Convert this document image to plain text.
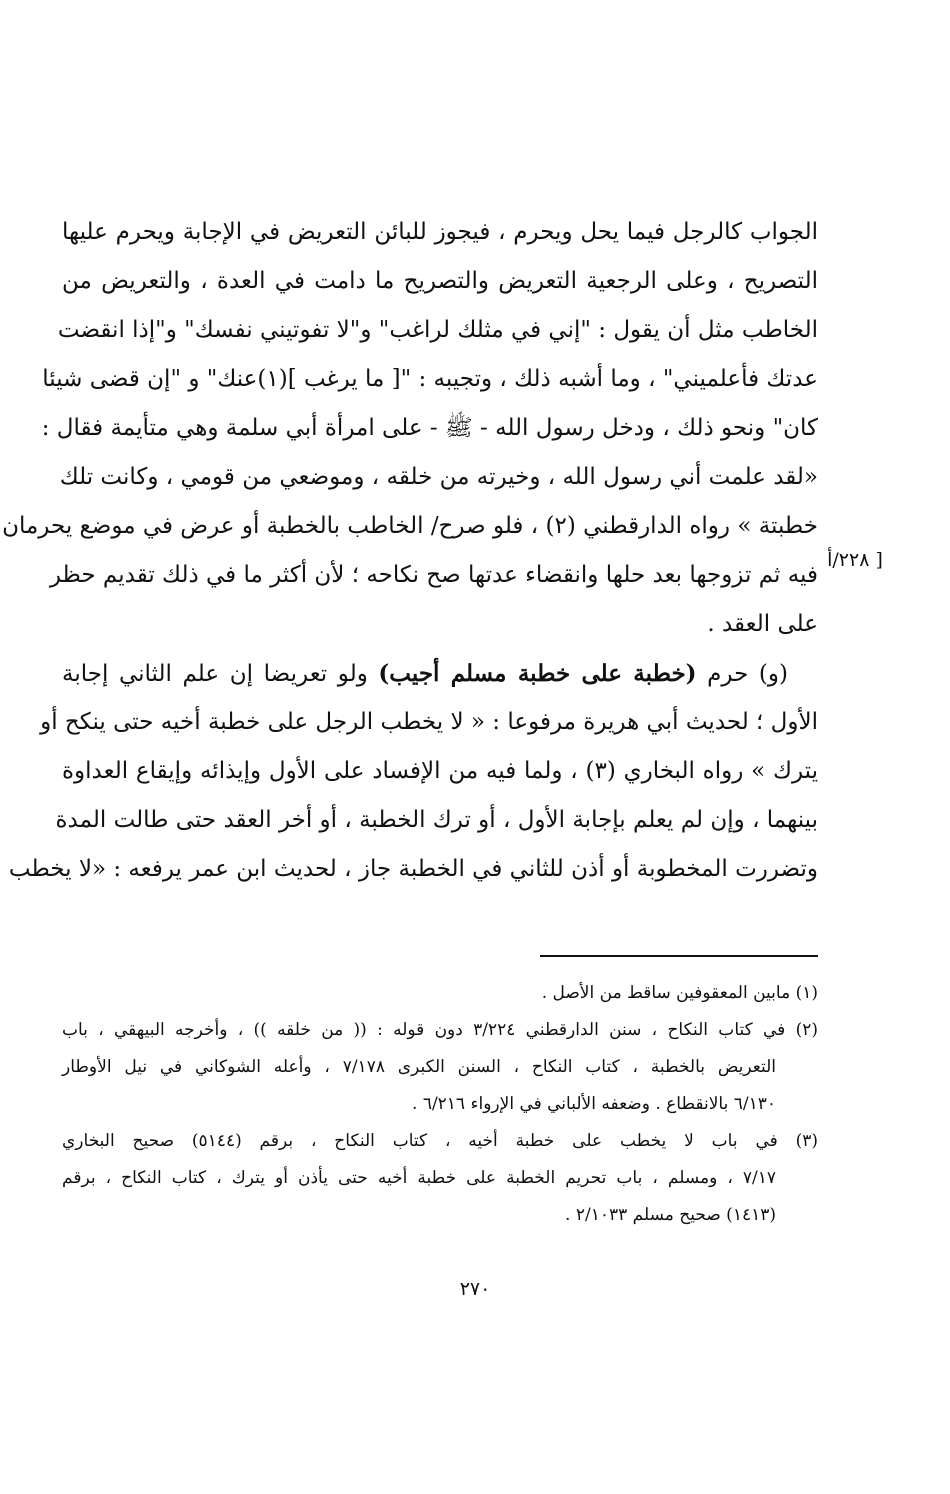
الجواب كالرجل فيما يحل ويحرم ، فيجوز للبائن التعريض في الإجابة ويحرم عليها
التصريح ، وعلى الرجعية التعريض والتصريح ما دامت في العدة ، والتعريض من
الخاطب مثل أن يقول : "إني في مثلك لراغب" و"لا تفوتيني نفسك" و"إذا انقضت
عدتك فأعلميني" ، وما أشبه ذلك ، وتجيبه : "[ ما يرغب ](١)عنك" و "إن قضى شيئا
كان" ونحو ذلك ، ودخل رسول الله - ﷺ - على امرأة أبي سلمة وهي متأيمة فقال :
«لقد علمت أني رسول الله ، وخيرته من خلقه ، وموضعي من قومي ، وكانت تلك
خطبتة » رواه الدارقطني (٢) ، فلو صرح/ الخاطب بالخطبة أو عرض في موضع يحرمان
فيه ثم تزوجها بعد حلها وانقضاء عدتها صح نكاحه ؛ لأن أكثر ما في ذلك تقديم حظر
على العقد .
(و) حرم (خطبة على خطبة مسلم أجيب) ولو تعريضا إن علم الثاني إجابة
الأول ؛ لحديث أبي هريرة مرفوعا : « لا يخطب الرجل على خطبة أخيه حتى ينكح أو
يترك » رواه البخاري (٣) ، ولما فيه من الإفساد على الأول وإيذائه وإيقاع العداوة
بينهما ، وإن لم يعلم بإجابة الأول ، أو ترك الخطبة ، أو أخر العقد حتى طالت المدة
وتضررت المخطوبة أو أذن للثاني في الخطبة جاز ، لحديث ابن عمر يرفعه : «لا يخطب
[ ٢٢٨/أ
(١) مابين المعقوفين ساقط من الأصل .
(٢) في كتاب النكاح ، سنن الدارقطني ٣/٢٢٤ دون قوله : (( من خلقه )) ، وأخرجه البيهقي ، باب
التعريض بالخطبة ، كتاب النكاح ، السنن الكبرى ٧/١٧٨ ، وأعله الشوكاني في نيل الأوطار
٦/١٣٠ بالانقطاع . وضعفه الألباني في الإرواء ٦/٢١٦ .
(٣) في باب لا يخطب على خطبة أخيه ، كتاب النكاح ، برقم (٥١٤٤) صحيح البخاري
٧/١٧ ، ومسلم ، باب تحريم الخطبة على خطبة أخيه حتى يأذن أو يترك ، كتاب النكاح ، برقم
(١٤١٣) صحيح مسلم ٢/١٠٣٣ .
٢٧٠
